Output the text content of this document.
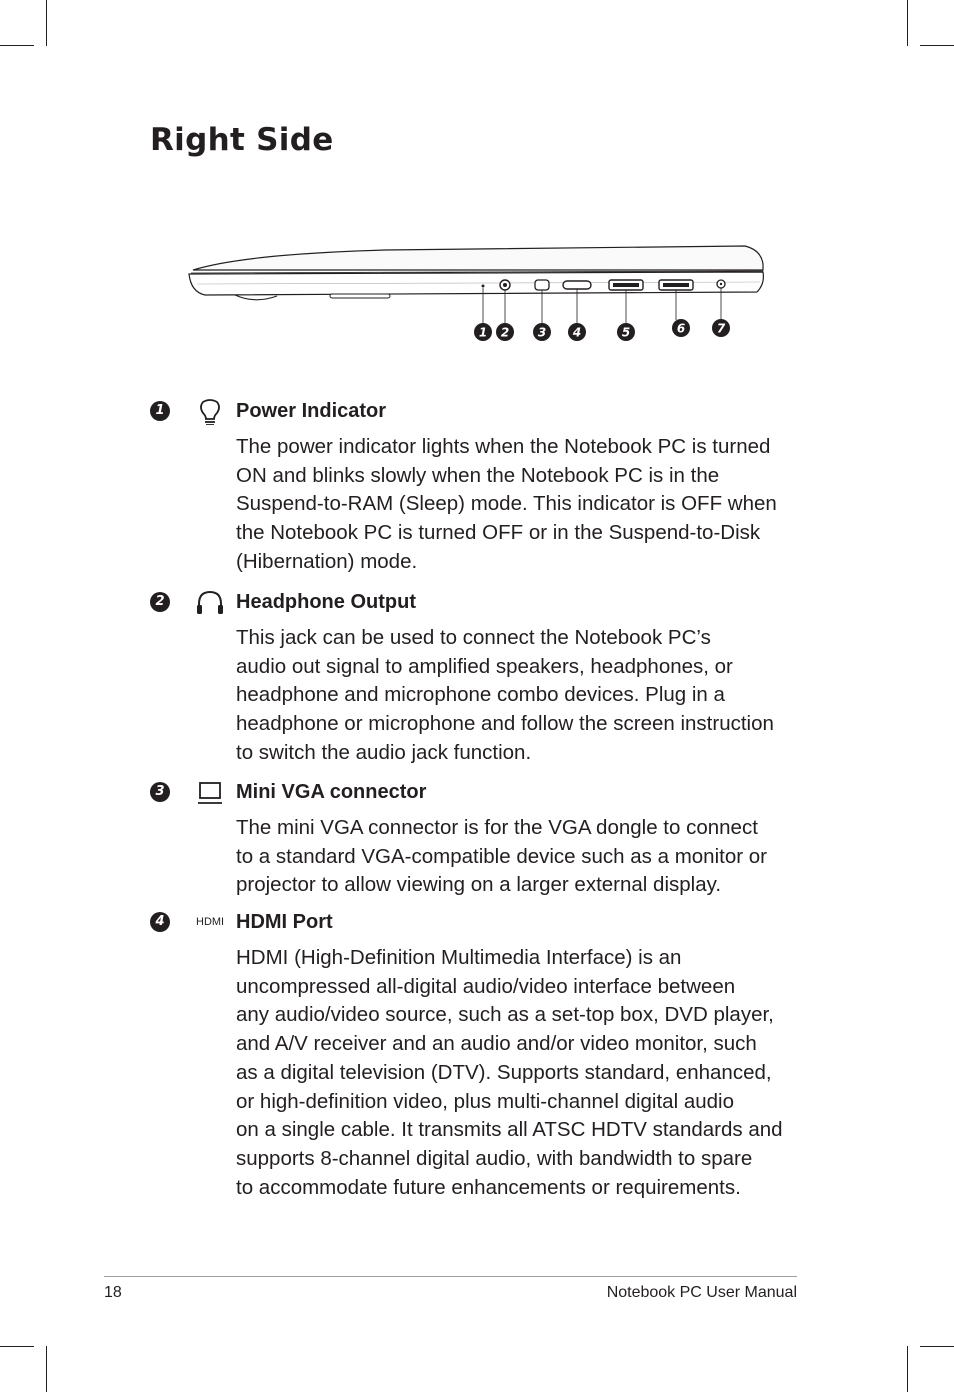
Right Side
1 2 3 4	5	6	7
1	Power Indicator

The power indicator lights when the Notebook PC is turned
ON and blinks slowly when the Notebook PC is in the
Suspend-to-RAM (Sleep) mode. This indicator is OFF when
the Notebook PC is turned OFF or in the Suspend-to-Disk
(Hibernation) mode.

2	Headphone Output

This jack can be used to connect the Notebook PC’s
audio out signal to amplified speakers, headphones, or
headphone and microphone combo devices. Plug in a
headphone or microphone and follow the screen instruction
to switch the audio jack function.

3	Mini VGA connector

The mini VGA connector is for the VGA dongle to connect
to a standard VGA-compatible device such as a monitor or
projector to allow viewing on a larger external display.

4	HDMI HDMI Port

HDMI (High-Definition Multimedia Interface) is an
uncompressed all-digital audio/video interface between
any audio/video source, such as a set-top box, DVD player,
and A/V receiver and an audio and/or video monitor, such
as a digital television (DTV). Supports standard, enhanced,
or high-definition video, plus multi-channel digital audio
on a single cable. It transmits all ATSC HDTV standards and
supports 8-channel digital audio, with bandwidth to spare
to accommodate future enhancements or requirements.

18	Notebook PC User Manual
